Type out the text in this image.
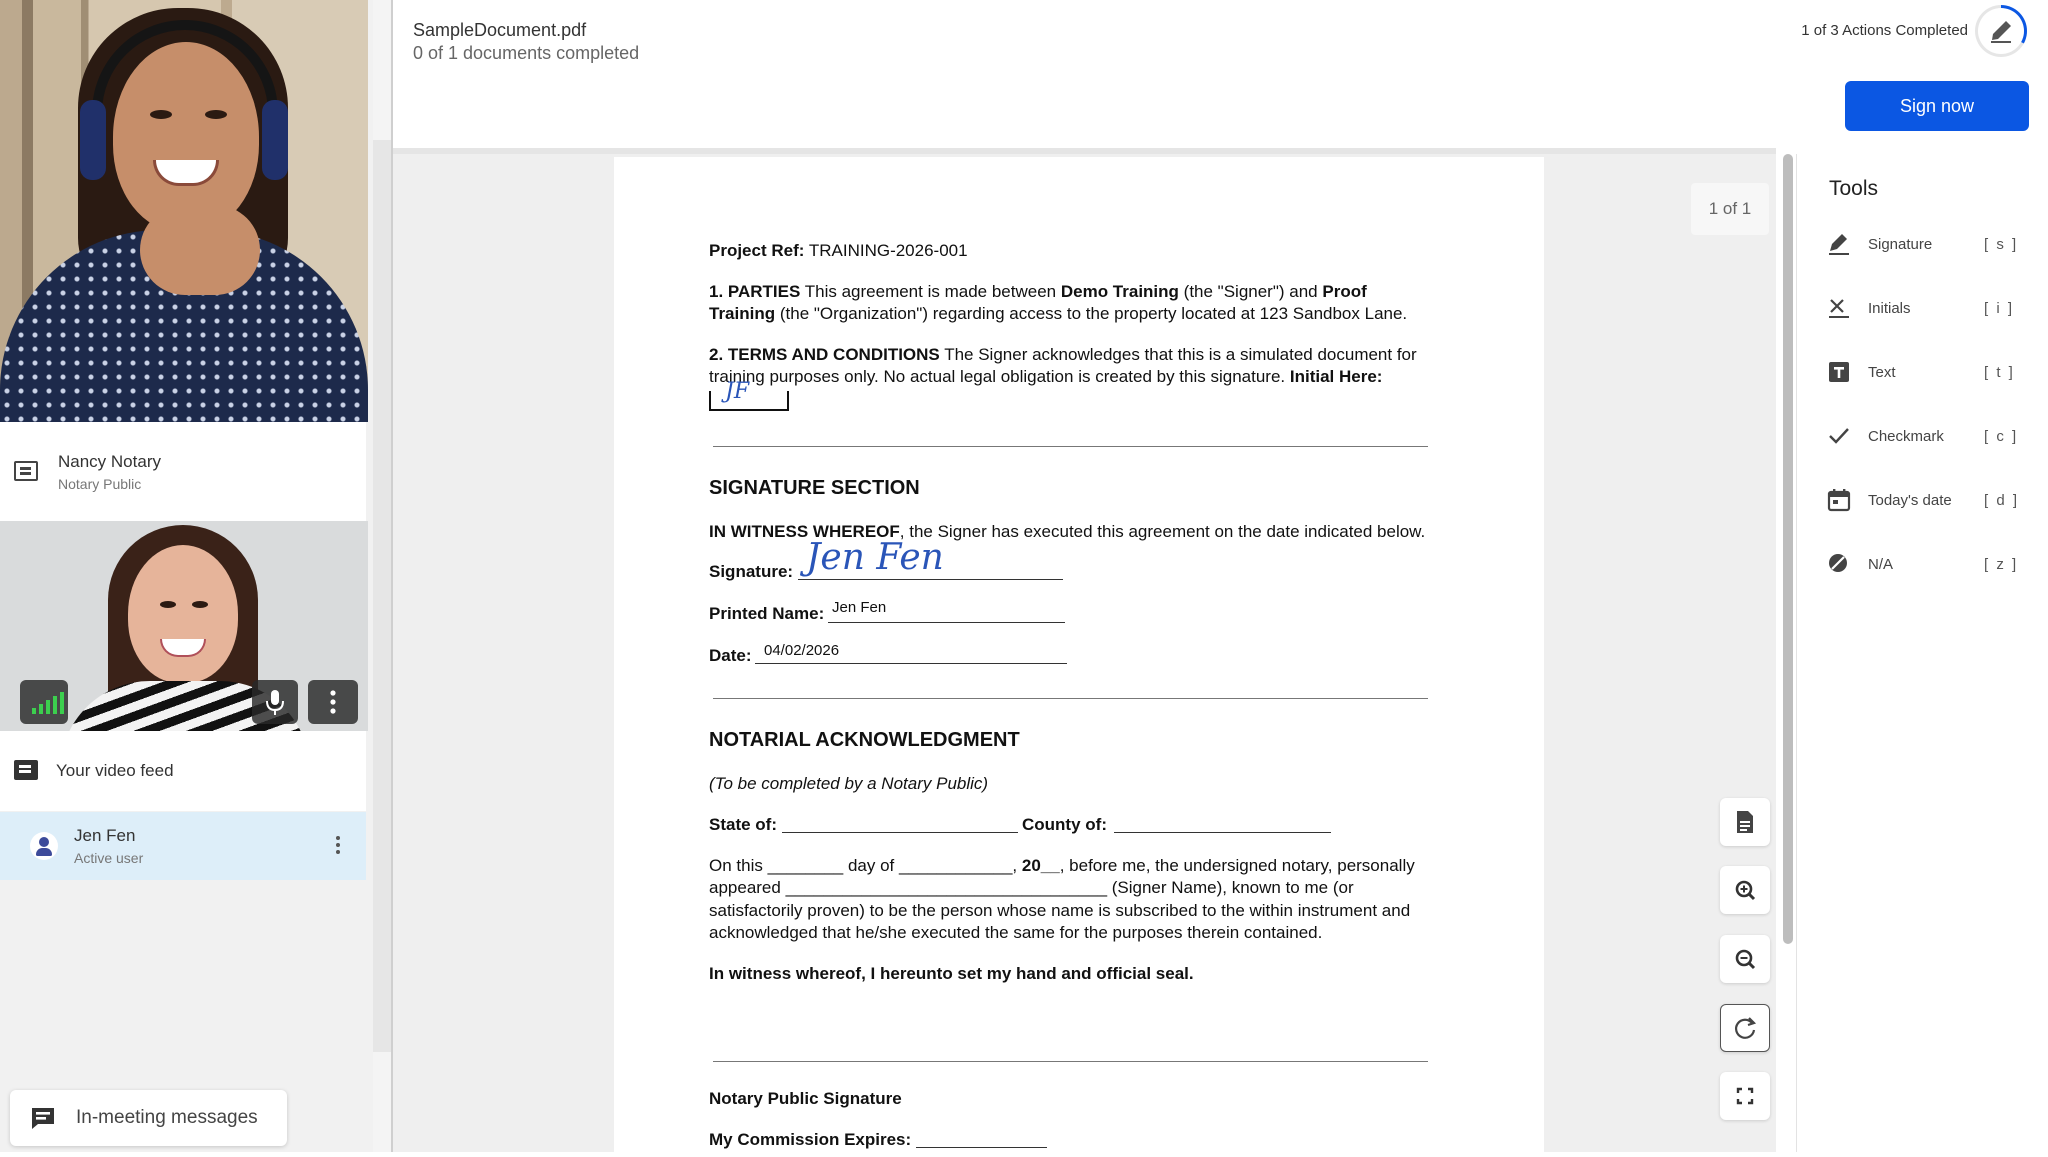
Nancy Notary
Notary Public
Your video feed
Jen Fen
Active user
In-meeting messages
SampleDocument.pdf
0 of 1 documents completed
1 of 3 Actions Completed
Sign now
1 of 1
Project Ref: TRAINING-2026-001
1. PARTIES This agreement is made between Demo Training (the "Signer") and Proof
Training (the "Organization") regarding access to the property located at 123 Sandbox Lane.
2. TERMS AND CONDITIONS The Signer acknowledges that this is a simulated document for
training purposes only. No actual legal obligation is created by this signature. Initial Here:
JF
SIGNATURE SECTION
IN WITNESS WHEREOF, the Signer has executed this agreement on the date indicated below.
Signature: Jen Fen
Printed Name: Jen Fen
Date: 04/02/2026
NOTARIAL ACKNOWLEDGMENT
(To be completed by a Notary Public)
State of:	County of:
On this ________ day of ____________, 20__, before me, the undersigned notary, personally
appeared __________________________________ (Signer Name), known to me (or
satisfactorily proven) to be the person whose name is subscribed to the within instrument and
acknowledged that he/she executed the same for the purposes therein contained.
In witness whereof, I hereunto set my hand and official seal.
Notary Public Signature
My Commission Expires:
Tools
Signature	[ s ]
Initials	[ i ]
Text	[ t ]
Checkmark	[ c ]
Today's date	[ d ]
N/A	[ z ]
